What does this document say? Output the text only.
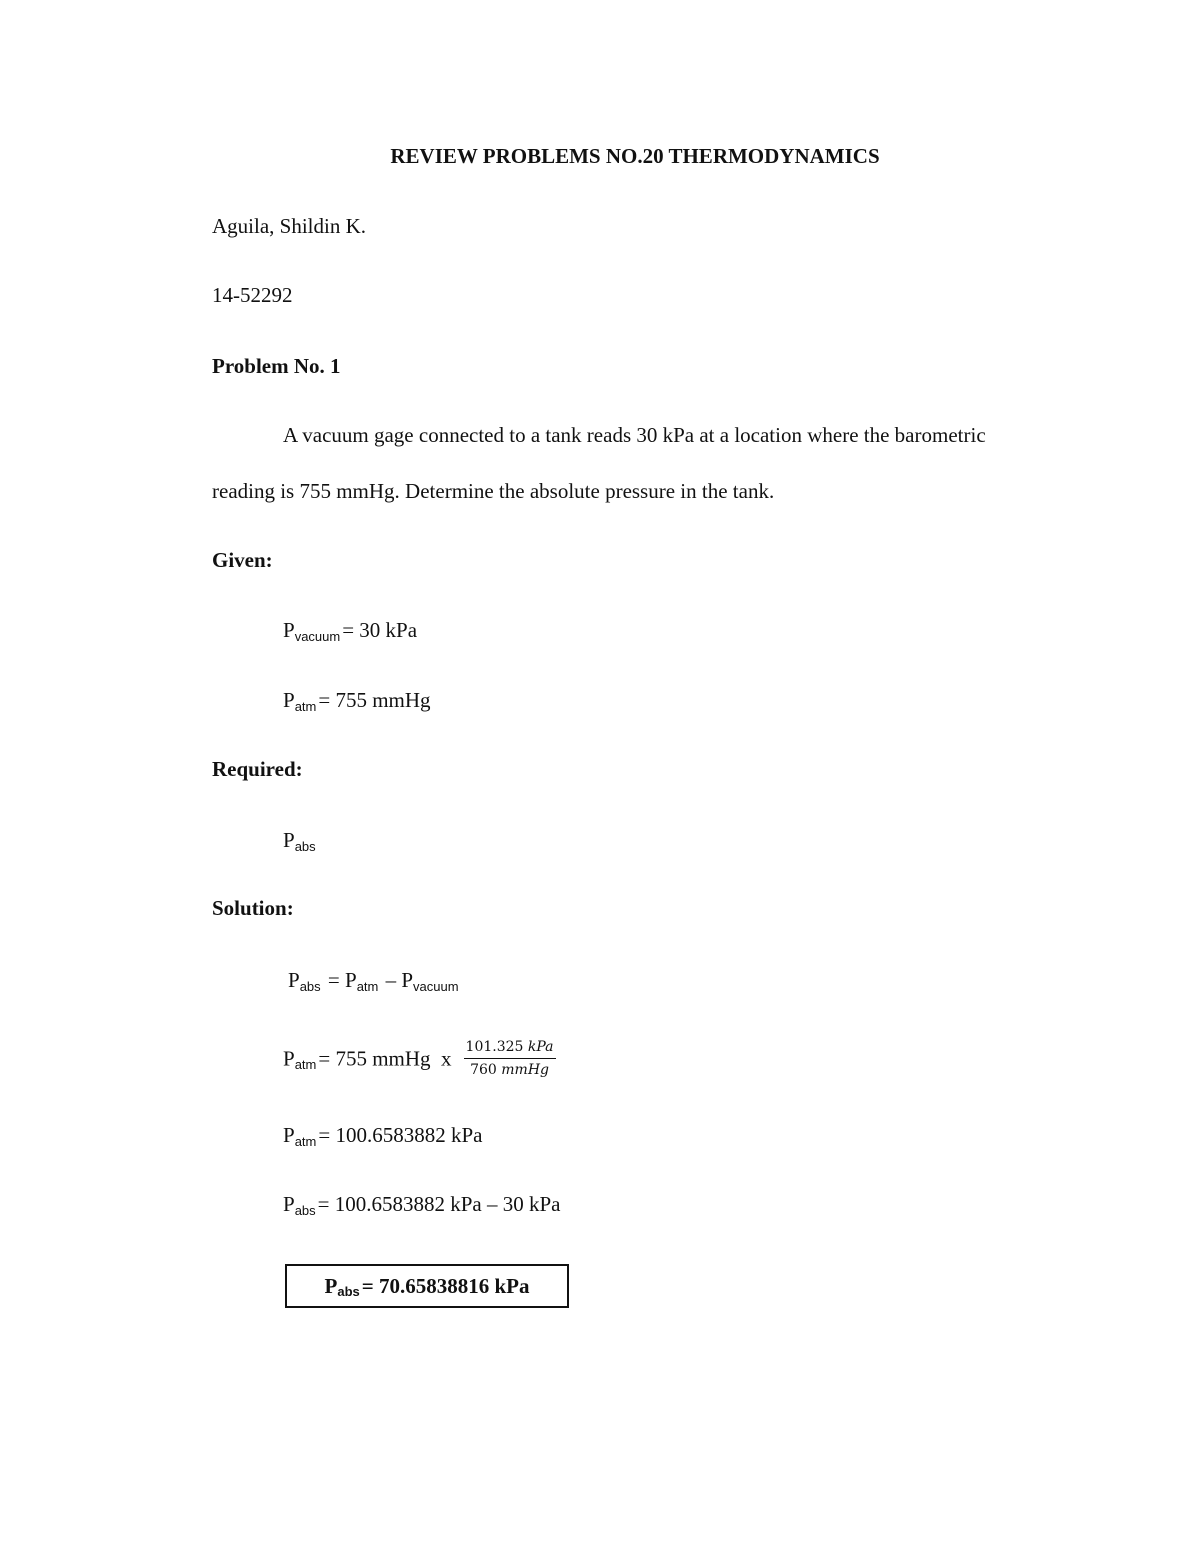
REVIEW PROBLEMS NO.20 THERMODYNAMICS
Aguila, Shildin K.
14-52292
Problem No. 1
A vacuum gage connected to a tank reads 30 kPa at a location where the barometric
reading is 755 mmHg. Determine the absolute pressure in the tank.
Given:
Pvacuum= 30 kPa
Patm= 755 mmHg
Required:
Pabs
Solution:
Pabs = Patm – Pvacuum
Patm= 755 mmHg  x $\frac{\text{101.325 kPa}}{\text{760 mmHg}}$
Patm= 100.6583882 kPa
Pabs= 100.6583882 kPa – 30 kPa
Pabs= 70.65838816 kPa
